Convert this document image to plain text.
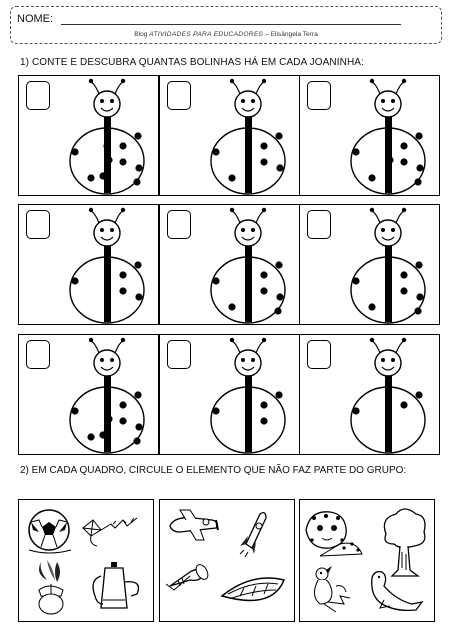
NOME:
Blog ATIVIDADES PARA EDUCADORES – Elisângela Terra
1) CONTE E DESCUBRA QUANTAS BOLINHAS HÁ EM CADA JOANINHA:
2) EM CADA QUADRO, CIRCULE O ELEMENTO QUE NÃO FAZ PARTE DO GRUPO:
